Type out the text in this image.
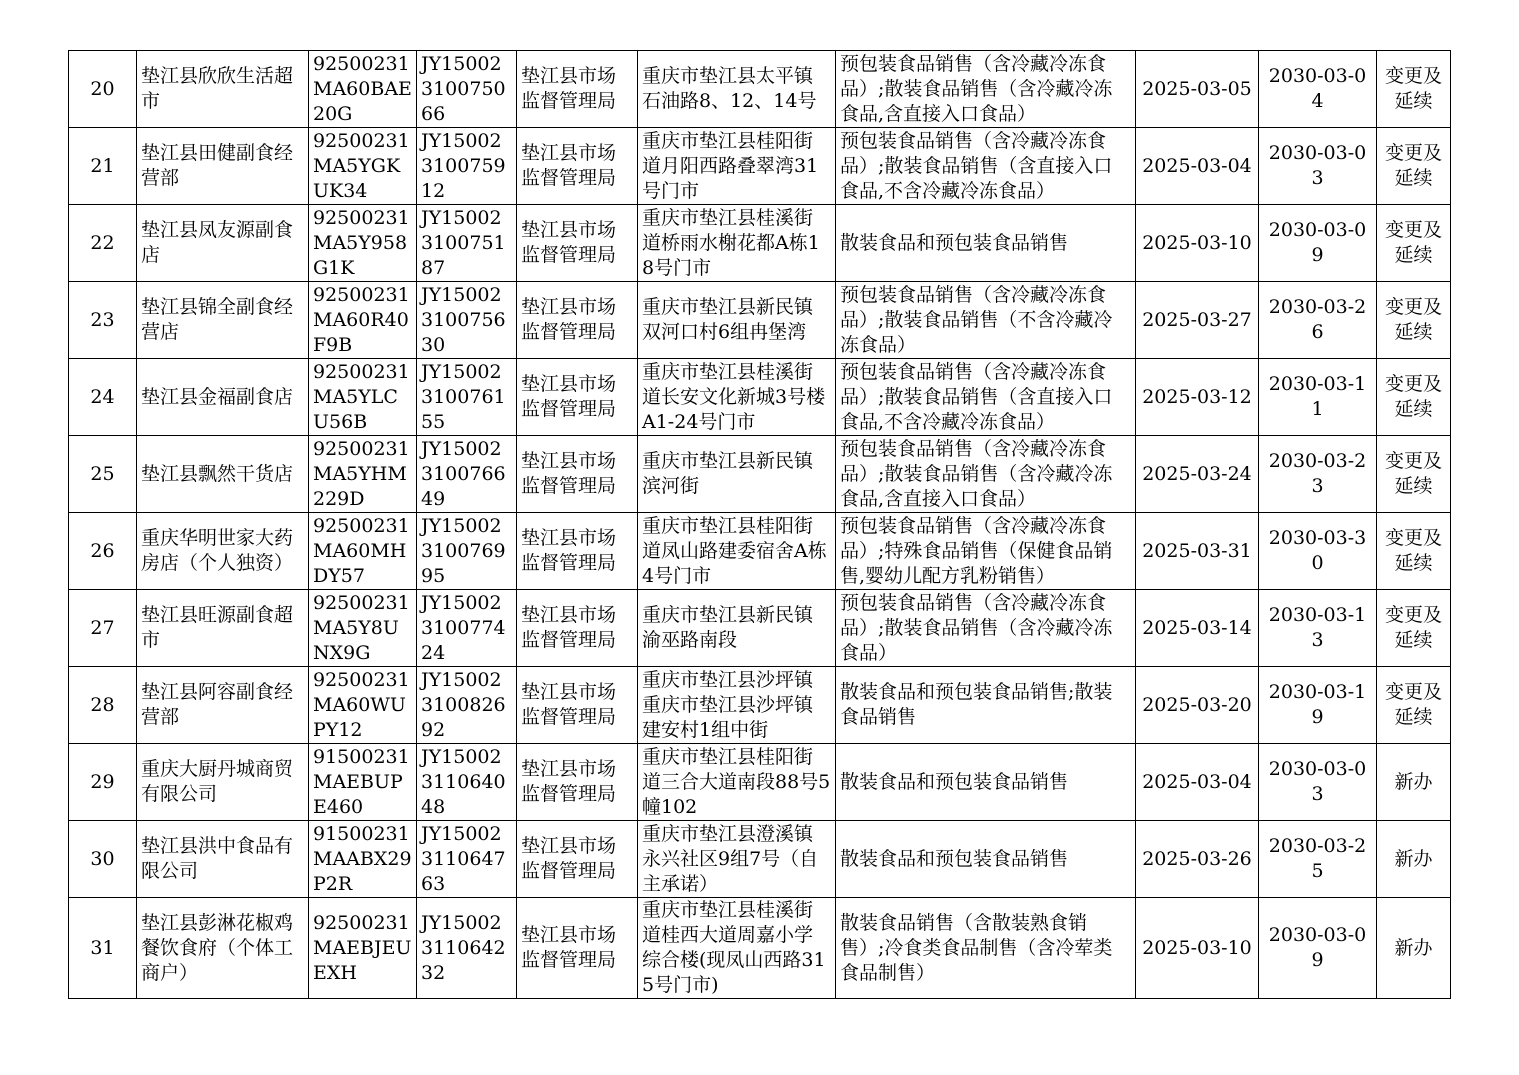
20	垫江县欣欣生活超市	92500231MA60BAE20G	JY15002310075066	垫江县市场监督管理局	重庆市垫江县太平镇石油路8、12、14号	预包装食品销售（含冷藏冷冻食品）;散装食品销售（含冷藏冷冻食品,含直接入口食品）	2025-03-05	2030-03-04	变更及延续
21	垫江县田健副食经营部	92500231MA5YGKUK34	JY15002310075912	垫江县市场监督管理局	重庆市垫江县桂阳街道月阳西路叠翠湾31号门市	预包装食品销售（含冷藏冷冻食品）;散装食品销售（含直接入口食品,不含冷藏冷冻食品）	2025-03-04	2030-03-03	变更及延续
22	垫江县凤友源副食店	92500231MA5Y958G1K	JY15002310075187	垫江县市场监督管理局	重庆市垫江县桂溪街道桥雨水榭花都A栋18号门市	散装食品和预包装食品销售	2025-03-10	2030-03-09	变更及延续
23	垫江县锦全副食经营店	92500231MA60R40F9B	JY15002310075630	垫江县市场监督管理局	重庆市垫江县新民镇双河口村6组冉堡湾	预包装食品销售（含冷藏冷冻食品）;散装食品销售（不含冷藏冷冻食品）	2025-03-27	2030-03-26	变更及延续
24	垫江县金福副食店	92500231MA5YLCU56B	JY15002310076155	垫江县市场监督管理局	重庆市垫江县桂溪街道长安文化新城3号楼A1-24号门市	预包装食品销售（含冷藏冷冻食品）;散装食品销售（含直接入口食品,不含冷藏冷冻食品）	2025-03-12	2030-03-11	变更及延续
25	垫江县飘然干货店	92500231MA5YHM229D	JY15002310076649	垫江县市场监督管理局	重庆市垫江县新民镇滨河街	预包装食品销售（含冷藏冷冻食品）;散装食品销售（含冷藏冷冻食品,含直接入口食品）	2025-03-24	2030-03-23	变更及延续
26	重庆华明世家大药房店（个人独资）	92500231MA60MHDY57	JY15002310076995	垫江县市场监督管理局	重庆市垫江县桂阳街道凤山路建委宿舍A栋4号门市	预包装食品销售（含冷藏冷冻食品）;特殊食品销售（保健食品销售,婴幼儿配方乳粉销售）	2025-03-31	2030-03-30	变更及延续
27	垫江县旺源副食超市	92500231MA5Y8UNX9G	JY15002310077424	垫江县市场监督管理局	重庆市垫江县新民镇渝巫路南段	预包装食品销售（含冷藏冷冻食品）;散装食品销售（含冷藏冷冻食品）	2025-03-14	2030-03-13	变更及延续
28	垫江县阿容副食经营部	92500231MA60WUPY12	JY15002310082692	垫江县市场监督管理局	重庆市垫江县沙坪镇重庆市垫江县沙坪镇建安村1组中街	散装食品和预包装食品销售;散装食品销售	2025-03-20	2030-03-19	变更及延续
29	重庆大厨丹城商贸有限公司	91500231MAEBUPE460	JY15002311064048	垫江县市场监督管理局	重庆市垫江县桂阳街道三合大道南段88号5幢102	散装食品和预包装食品销售	2025-03-04	2030-03-03	新办
30	垫江县洪中食品有限公司	91500231MAABX29P2R	JY15002311064763	垫江县市场监督管理局	重庆市垫江县澄溪镇永兴社区9组7号（自主承诺）	散装食品和预包装食品销售	2025-03-26	2030-03-25	新办
31	垫江县彭淋花椒鸡餐饮食府（个体工商户）	92500231MAEBJEUEXH	JY15002311064232	垫江县市场监督管理局	重庆市垫江县桂溪街道桂西大道周嘉小学综合楼(现凤山西路315号门市)	散装食品销售（含散装熟食销售）;冷食类食品制售（含冷荤类食品制售）	2025-03-10	2030-03-09	新办
